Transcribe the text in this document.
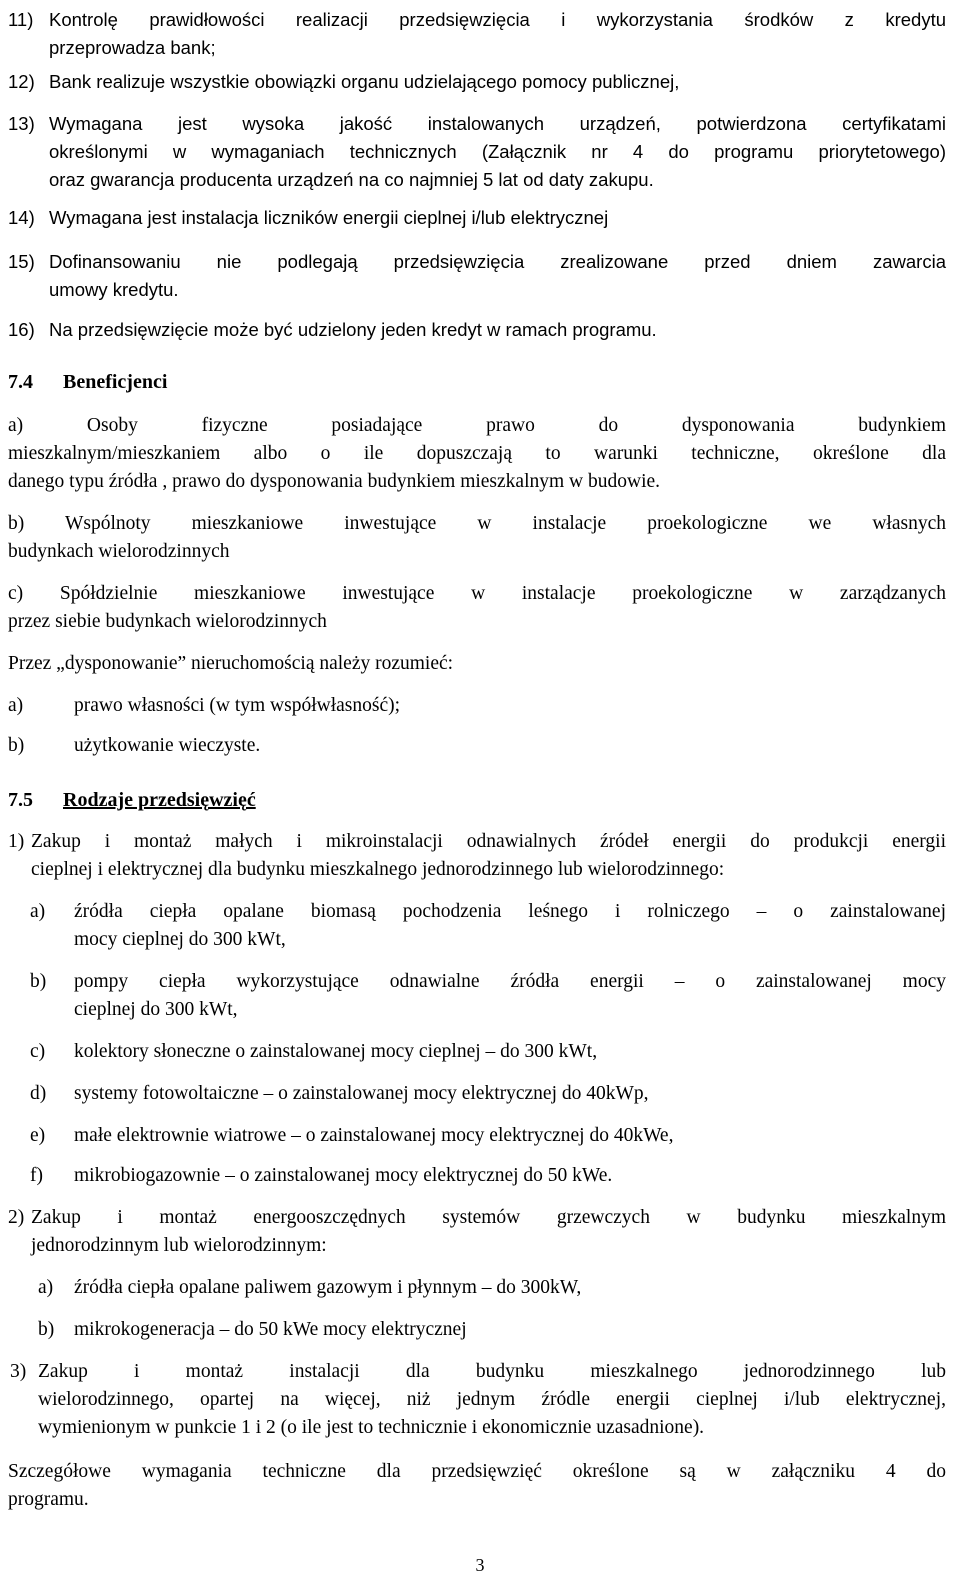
11) Kontrolę prawidłowości realizacji przedsięwzięcia i wykorzystania środków z kredytu
przeprowadza bank;
12) Bank realizuje wszystkie obowiązki organu udzielającego pomocy publicznej,
13) Wymagana jest wysoka jakość instalowanych urządzeń, potwierdzona certyfikatami
określonymi w wymaganiach technicznych (Załącznik nr 4 do programu priorytetowego)
oraz gwarancja producenta urządzeń na co najmniej 5 lat od daty zakupu.
14) Wymagana jest instalacja liczników energii cieplnej i/lub elektrycznej
15) Dofinansowaniu nie podlegają przedsięwzięcia zrealizowane przed dniem zawarcia
umowy kredytu.
16) Na przedsięwzięcie może być udzielony jeden kredyt w ramach programu.
7.4 Beneficjenci
a) Osoby fizyczne posiadające prawo do dysponowania budynkiem
mieszkalnym/mieszkaniem albo o ile dopuszczają to warunki techniczne, określone dla
danego typu źródła , prawo do dysponowania budynkiem mieszkalnym w budowie.
b) Wspólnoty mieszkaniowe inwestujące w instalacje proekologiczne we własnych
budynkach wielorodzinnych
c) Spółdzielnie mieszkaniowe inwestujące w instalacje proekologiczne w zarządzanych
przez siebie budynkach wielorodzinnych
Przez „dysponowanie” nieruchomością należy rozumieć:
a)	prawo własności (w tym współwłasność);
b)	użytkowanie wieczyste.
7.5 Rodzaje przedsięwzięć
1) Zakup i montaż małych i mikroinstalacji odnawialnych źródeł energii do produkcji energii
cieplnej i elektrycznej dla budynku mieszkalnego jednorodzinnego lub wielorodzinnego:
a) źródła ciepła opalane biomasą pochodzenia leśnego i rolniczego – o zainstalowanej
mocy cieplnej do 300 kWt,
b) pompy ciepła wykorzystujące odnawialne źródła energii – o zainstalowanej mocy
cieplnej do 300 kWt,
c) kolektory słoneczne o zainstalowanej mocy cieplnej – do 300 kWt,
d) systemy fotowoltaiczne – o zainstalowanej mocy elektrycznej do 40kWp,
e) małe elektrownie wiatrowe – o zainstalowanej mocy elektrycznej do 40kWe,
f) mikrobiogazownie – o zainstalowanej mocy elektrycznej do 50 kWe.
2) Zakup i montaż energooszczędnych systemów grzewczych w budynku mieszkalnym
jednorodzinnym lub wielorodzinnym:
a) źródła ciepła opalane paliwem gazowym i płynnym – do 300kW,
b) mikrokogeneracja – do 50 kWe mocy elektrycznej
3) Zakup i montaż instalacji dla budynku mieszkalnego jednorodzinnego lub
wielorodzinnego, opartej na więcej, niż jednym źródle energii cieplnej i/lub elektrycznej,
wymienionym w punkcie 1 i 2 (o ile jest to technicznie i ekonomicznie uzasadnione).
Szczegółowe wymagania techniczne dla przedsięwzięć określone są w załączniku 4 do
programu.
3
